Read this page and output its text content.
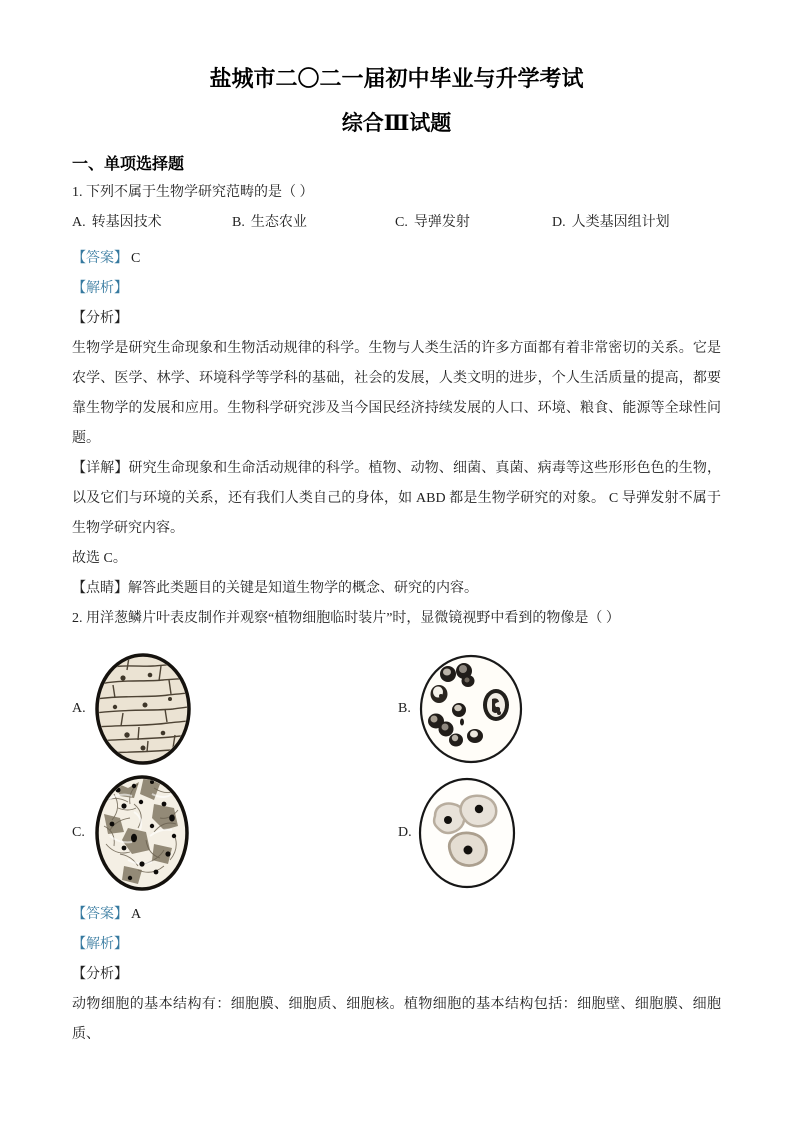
盐城市二〇二一届初中毕业与升学考试
综合Ⅲ试题
一、单项选择题

1. 下列不属于生物学研究范畴的是（ ）

A. 转基因技术	B. 生态农业	C. 导弹发射	D. 人类基因组计划

【答案】 C

【解析】

【分析】

生物学是研究生命现象和生物活动规律的科学。生物与人类生活的许多方面都有着非常密切的关系。它是农学、医学、林学、环境科学等学科的基础，社会的发展，人类文明的进步，个人生活质量的提高，都要靠生物学的发展和应用。生物科学研究涉及当今国民经济持续发展的人口、环境、粮食、能源等全球性问题。

【详解】研究生命现象和生命活动规律的科学。植物、动物、细菌、真菌、病毒等这些形形色色的生物，以及它们与环境的关系，还有我们人类自己的身体，如 ABD 都是生物学研究的对象。 C 导弹发射不属于生物学研究内容。

故选 C。

【点睛】解答此类题目的关键是知道生物学的概念、研究的内容。

2. 用洋葱鳞片叶表皮制作并观察“植物细胞临时装片”时，显微镜视野中看到的物像是（ ）

A.	B.
C.	D.

【答案】 A

【解析】

【分析】

动物细胞的基本结构有：细胞膜、细胞质、细胞核。植物细胞的基本结构包括：细胞壁、细胞膜、细胞质、
